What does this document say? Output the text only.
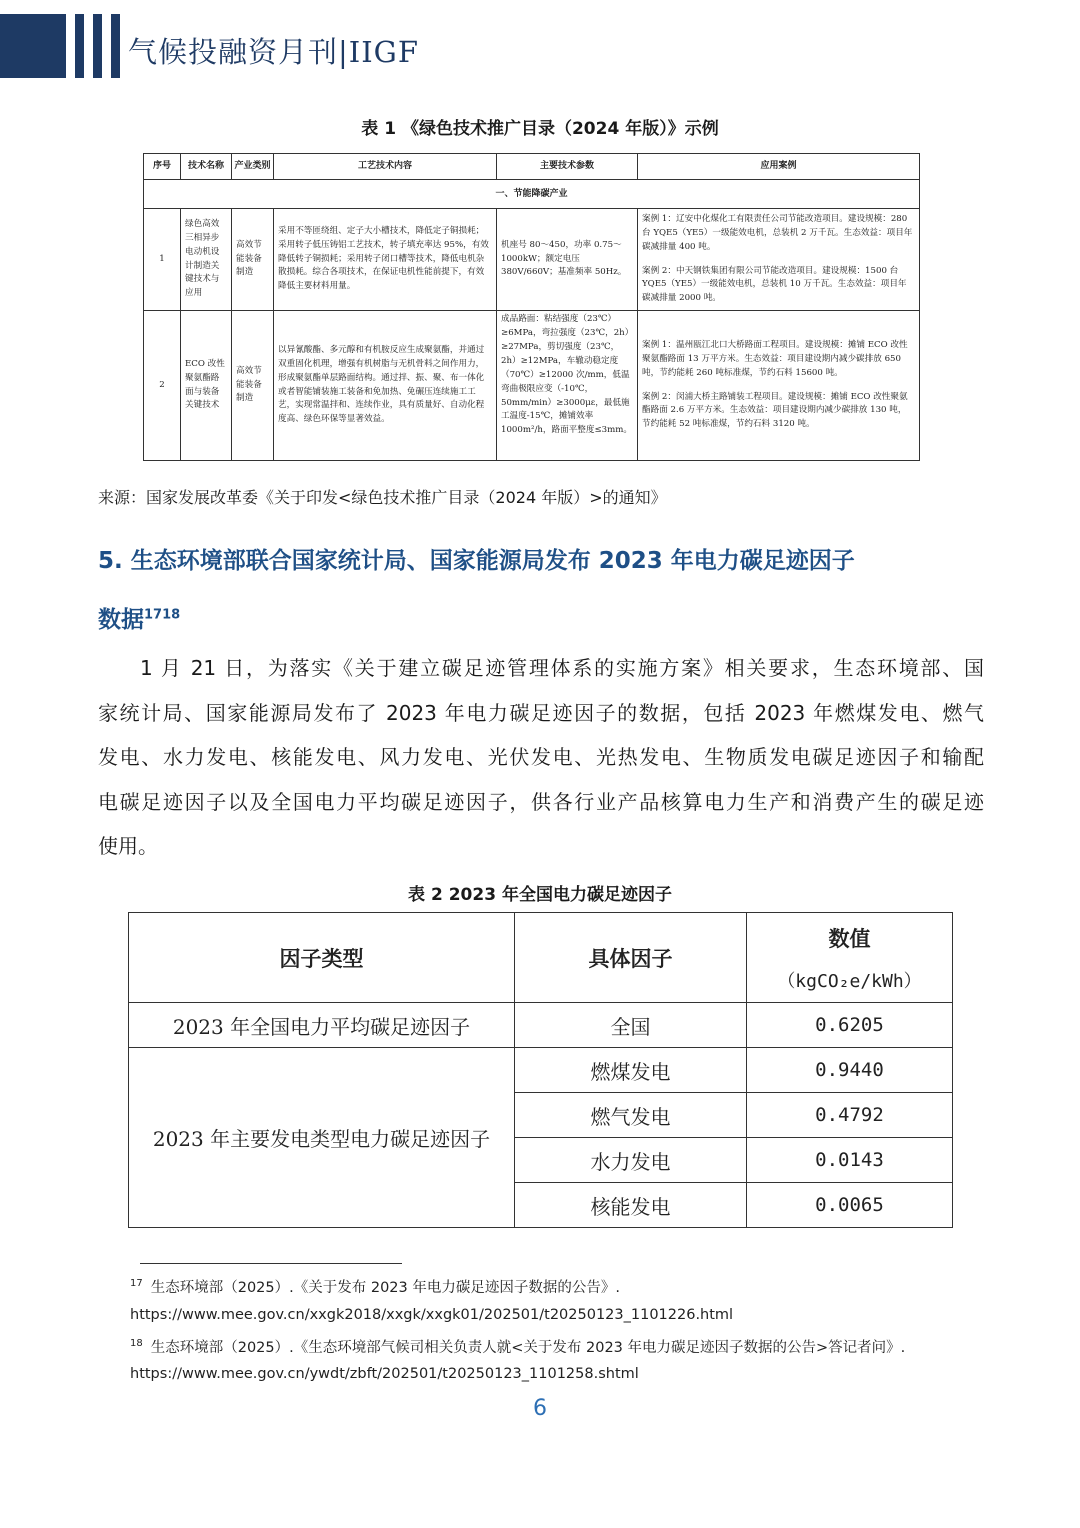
气候投融资月刊|IIGF
表 1 《绿色技术推广目录（2024 年版）》示例
序号	技术名称	产业类别	工艺技术内容	主要技术参数	应用案例
一、节能降碳产业					
1	绿色高效三相异步电动机设计制造关键技术与应用	高效节能装备制造	采用不等匝绕组、定子大小槽技术，降低定子铜损耗；采用转子低压铸铝工艺技术，转子填充率达 95%，有效降低转子铜损耗；采用转子闭口槽等技术，降低电机杂散损耗。综合各项技术，在保证电机性能前提下，有效降低主要材料用量。	机座号 80～450，功率 0.75～1000kW；额定电压 380V/660V；基准频率 50Hz。	案例 1：辽安中化煤化工有限责任公司节能改造项目。建设规模：280 台 YQE5（YE5）一级能效电机，总装机 2 万千瓦。生态效益：项目年碳减排量 400 吨。
案例 2：中天钢铁集团有限公司节能改造项目。建设规模：1500 台 YQE5（YE5）一级能效电机，总装机 10 万千瓦。生态效益：项目年碳减排量 2000 吨。

2	ECO 改性聚氨酯路面与装备关键技术	高效节能装备制造	以异氰酸酯、多元醇和有机胺反应生成聚氨酯，并通过双重固化机理，增强有机树脂与无机骨料之间作用力，形成聚氨酯单层路面结构。通过拌、振、聚、布一体化或者智能铺装施工装备和免加热、免碾压连续施工工艺，实现常温拌和、连续作业，具有质量好、自动化程度高、绿色环保等显著效益。	成品路面：粘结强度（23℃）≥6MPa，弯拉强度（23℃，2h）≥27MPa，剪切强度（23℃，2h）≥12MPa，车辙动稳定度（70℃）≥12000 次/mm，低温弯曲极限应变（-10℃，50mm/min）≥3000με，最低施工温度-15℃，摊铺效率 1000m²/h，路面平整度≤3mm。	案例 1：温州瓯江北口大桥路面工程项目。建设规模：摊铺 ECO 改性聚氨酯路面 13 万平方米。生态效益：项目建设期内减少碳排放 650 吨，节约能耗 260 吨标准煤，节约石料 15600 吨。
案例 2：闵浦大桥主路铺装工程项目。建设规模：摊铺 ECO 改性聚氨酯路面 2.6 万平方米。生态效益：项目建设期内减少碳排放 130 吨，节约能耗 52 吨标准煤，节约石料 3120 吨。
来源：国家发展改革委《关于印发<绿色技术推广目录（2024 年版）>的通知》
5. 生态环境部联合国家统计局、国家能源局发布 2023 年电力碳足迹因子
数据$^{1718}$
1 月 21 日，为落实《关于建立碳足迹管理体系的实施方案》相关要求，生态环境部、国
家统计局、国家能源局发布了 2023 年电力碳足迹因子的数据，包括 2023 年燃煤发电、燃气
发电、水力发电、核能发电、风力发电、光伏发电、光热发电、生物质发电碳足迹因子和输配
电碳足迹因子以及全国电力平均碳足迹因子，供各行业产品核算电力生产和消费产生的碳足迹
使用。
表 2 2023 年全国电力碳足迹因子
因子类型	具体因子	数值
（kgCO₂e/kWh）

2023 年全国电力平均碳足迹因子	全国	0.6205
2023 年主要发电类型电力碳足迹因子	燃煤发电	0.9440
	燃气发电	0.4792
	水力发电	0.0143
	核能发电	0.0065
$^{17}$ 生态环境部（2025）.《关于发布 2023 年电力碳足迹因子数据的公告》.
https://www.mee.gov.cn/xxgk2018/xxgk/xxgk01/202501/t20250123_1101226.html
$^{18}$ 生态环境部（2025）.《生态环境部气候司相关负责人就<关于发布 2023 年电力碳足迹因子数据的公告>答记者问》.
https://www.mee.gov.cn/ywdt/zbft/202501/t20250123_1101258.shtml
6
